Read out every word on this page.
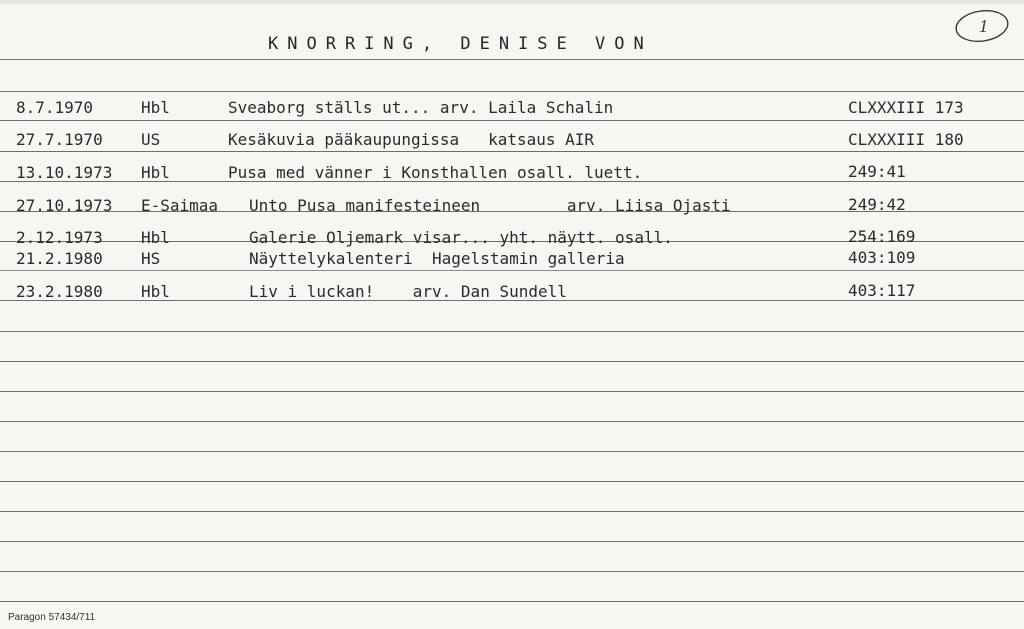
KNORRING, DENISE VON
1
8.7.1970	Hbl	Sveaborg ställs ut... arv. Laila Schalin	CLXXXIII 173
27.7.1970 US	Kesäkuvia pääkaupungissa   katsaus AIR	CLXXXIII 180
13.10.1973 Hbl	Pusa med vänner i Konsthallen osall. luett.	249:41
27.10.1973 E-Saimaa Unto Pusa manifesteineen         arv. Liisa Ojasti	249:42
2.12.1973 Hbl	Galerie Oljemark visar... yht. näytt. osall.	254:169
21.2.1980 HS	Näyttelykalenteri  Hagelstamin galleria	403:109
23.2.1980 Hbl	Liv i luckan!    arv. Dan Sundell	403:117
Paragon 57434/711
